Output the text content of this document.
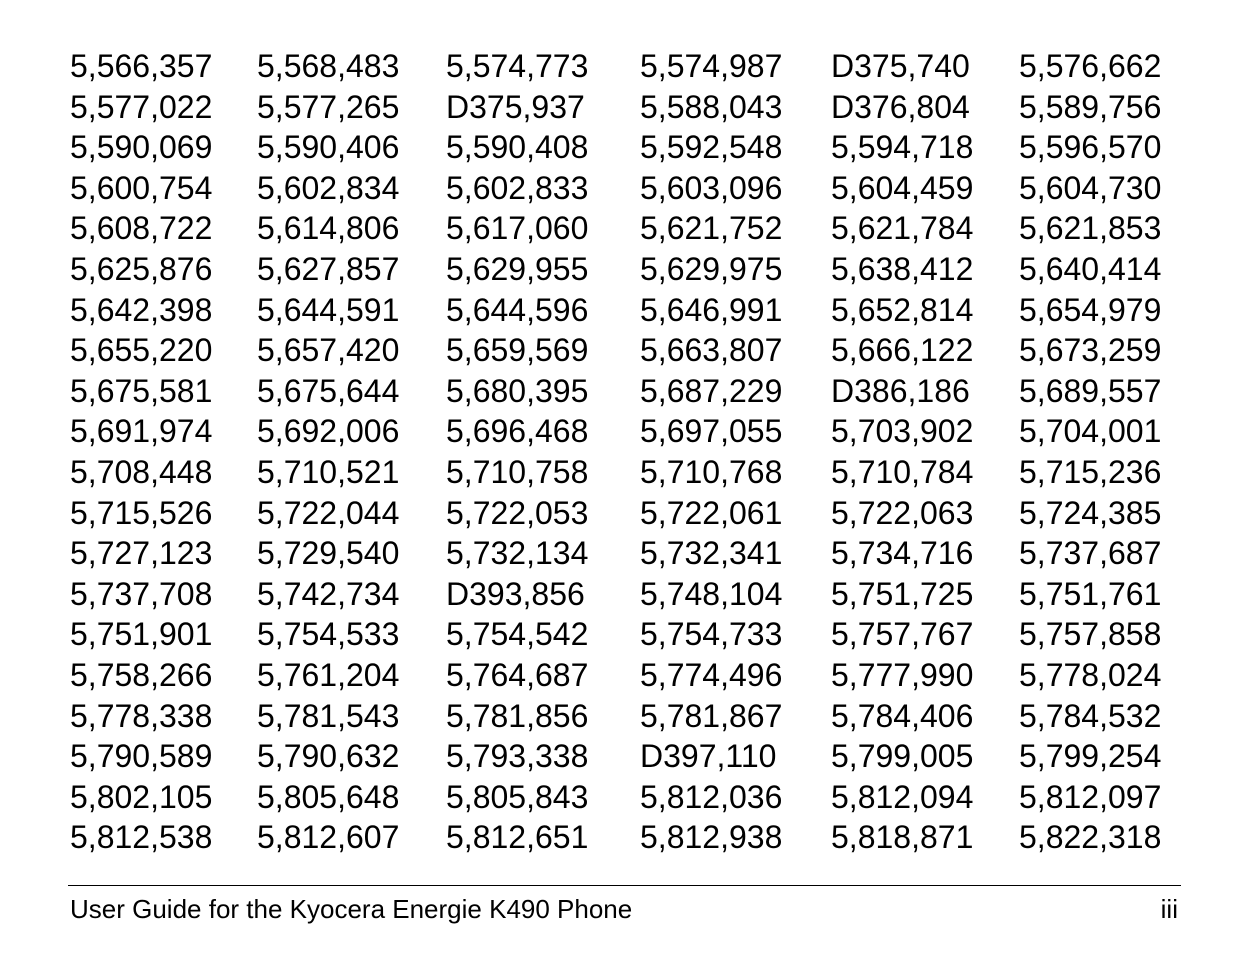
5,566,357	5,568,483	5,574,773	5,574,987	D375,740	5,576,662
5,577,022	5,577,265	D375,937	5,588,043	D376,804	5,589,756
5,590,069	5,590,406	5,590,408	5,592,548	5,594,718	5,596,570
5,600,754	5,602,834	5,602,833	5,603,096	5,604,459	5,604,730
5,608,722	5,614,806	5,617,060	5,621,752	5,621,784	5,621,853
5,625,876	5,627,857	5,629,955	5,629,975	5,638,412	5,640,414
5,642,398	5,644,591	5,644,596	5,646,991	5,652,814	5,654,979
5,655,220	5,657,420	5,659,569	5,663,807	5,666,122	5,673,259
5,675,581	5,675,644	5,680,395	5,687,229	D386,186	5,689,557
5,691,974	5,692,006	5,696,468	5,697,055	5,703,902	5,704,001
5,708,448	5,710,521	5,710,758	5,710,768	5,710,784	5,715,236
5,715,526	5,722,044	5,722,053	5,722,061	5,722,063	5,724,385
5,727,123	5,729,540	5,732,134	5,732,341	5,734,716	5,737,687
5,737,708	5,742,734	D393,856	5,748,104	5,751,725	5,751,761
5,751,901	5,754,533	5,754,542	5,754,733	5,757,767	5,757,858
5,758,266	5,761,204	5,764,687	5,774,496	5,777,990	5,778,024
5,778,338	5,781,543	5,781,856	5,781,867	5,784,406	5,784,532
5,790,589	5,790,632	5,793,338	D397,110	5,799,005	5,799,254
5,802,105	5,805,648	5,805,843	5,812,036	5,812,094	5,812,097
5,812,538	5,812,607	5,812,651	5,812,938	5,818,871	5,822,318
User Guide for the Kyocera Energie K490 Phone	iii
